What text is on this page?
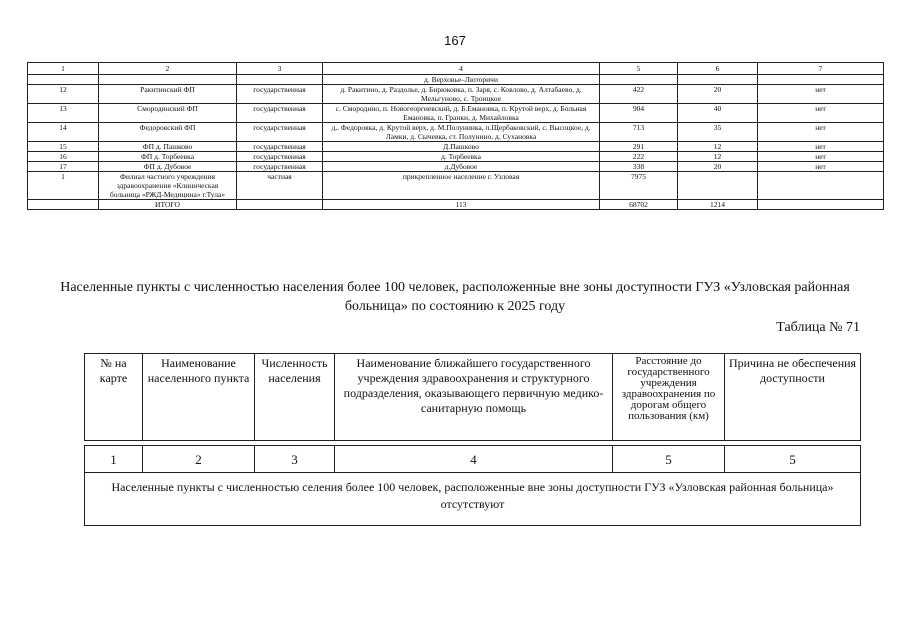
167
1	2	3	4	5	6	7
			д. Верховье–Люторичи			
12	Ракитинский ФП	государственная	д. Ракитино, д. Раздолье, д. Бирюковка, п. Заря, с. Ковлово, д. Алтабаево, д. Мельгуново, с. Троицкое	422	20	нет
13	Смородинский ФП	государственная	с. Смородино, п. Новогеоргиевский, д. Б.Емановка, п. Крутой верх, д. Больная Емановка, п. Гранки, д. Михайловка	904	40	нет
14	Федоровский ФП	государственная	д,. Федоровка, д. Крутой верх, д. М.Полунинка, п.Щербаковский, с. Высоцкое, д. Ламки, д. Сычевка, ст. Полунино, д. Сухановка	713	35	нет
15	ФП д. Пашково	государственная	Д.Пашково	291	12	нет
16	ФП д. Торбеевка	государственная	д. Торбеевка	222	12	нет
17	ФП д. Дубовое	государственная	д.Дубовое	338	20	нет
1	Филиал частного учреждения здравоохранения «Клиническая больница «РЖД-Медицина» г.Тула»	частная	прикрепленное население г. Узловая	7975		
	ИТОГО		113	68702	1214	
Населенные пункты с численностью населения более 100 человек, расположенные вне зоны доступности ГУЗ «Узловская районная больница» по состоянию к 2025 году
Таблица № 71
№ на карте	Наименование населенного пункта	Численность населения	Наименование ближайшего государственного учреждения здравоохранения и структурного подразделения, оказывающего первичную медико-санитарную помощь	Расстояние до государственного учреждения здравоохранения по дорогам общего пользования (км)	Причина не обеспечения доступности

1	2	3	4	5	5
Населенные пункты с численностью селения более 100 человек, расположенные вне зоны доступности ГУЗ «Узловская районная больница» отсутствуют					
